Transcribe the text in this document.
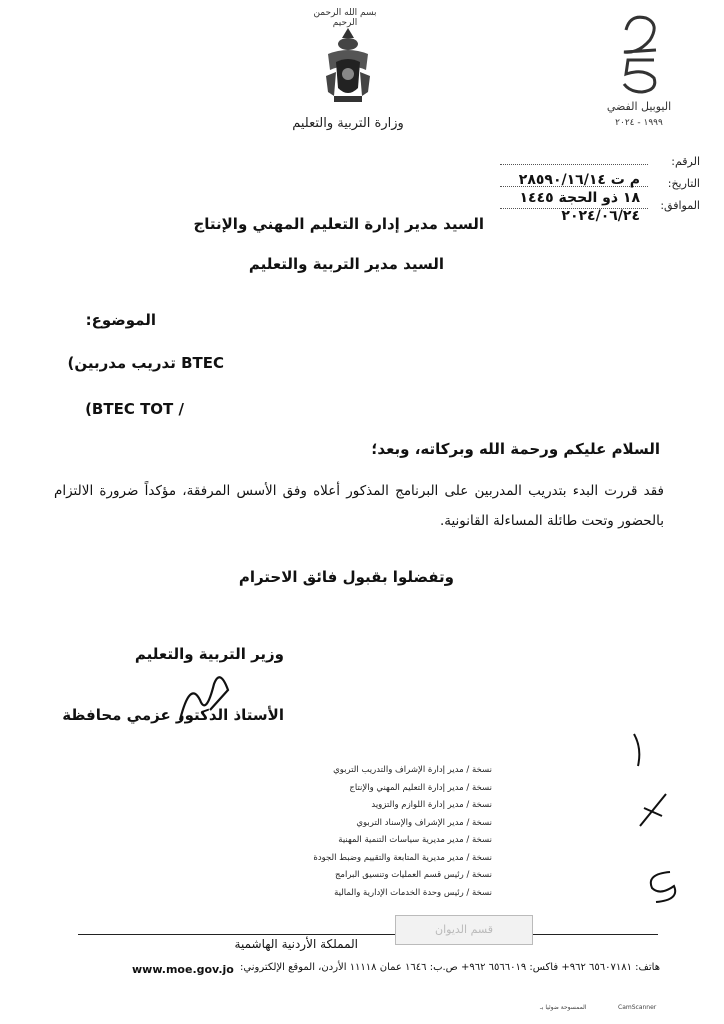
بسم الله الرحمن الرحيم
وزارة التربية والتعليم
اليوبيل الفضي
١٩٩٩ - ٢٠٢٤
الرقم:
التاريخ:
الموافق:
م ت ٢٨٥٩٠/١٦/١٤
١٨ ذو الحجة ١٤٤٥
٢٠٢٤/٠٦/٢٤
السيد مدير إدارة التعليم المهني والإنتاج
السيد مدير التربية والتعليم
الموضوع:
(تدريب مدربين BTEC
(BTEC TOT /
السلام عليكم ورحمة الله وبركاته، وبعد؛
فقد قررت البدء بتدريب المدربين على البرنامج المذكور أعلاه وفق الأسس المرفقة، مؤكداً ضرورة الالتزام بالحضور وتحت طائلة المساءلة القانونية.
وتفضلوا بقبول فائق الاحترام
وزير التربية والتعليم
الأستاذ الدكتور عزمي محافظة
نسخة / مدير إدارة الإشراف والتدريب التربوي
نسخة / مدير إدارة التعليم المهني والإنتاج
نسخة / مدير إدارة اللوازم والتزويد
نسخة / مدير الإشراف والإسناد التربوي
نسخة / مدير مديرية سياسات التنمية المهنية
نسخة / مدير مديرية المتابعة والتقييم وضبط الجودة
نسخة / رئيس قسم العمليات وتنسيق البرامج
نسخة / رئيس وحدة الخدمات الإدارية والمالية
قسم الديوان
المملكة الأردنية الهاشمية
هاتف: ٦٥٦٠٧١٨١ ٩٦٢+ فاكس: ٦٥٦٦٠١٩ ٩٦٢+ ص.ب: ١٦٤٦ عمان ١١١١٨ الأردن، الموقع الإلكتروني:
www.moe.gov.jo
الممسوحة ضوئيا بـ	CamScanner
